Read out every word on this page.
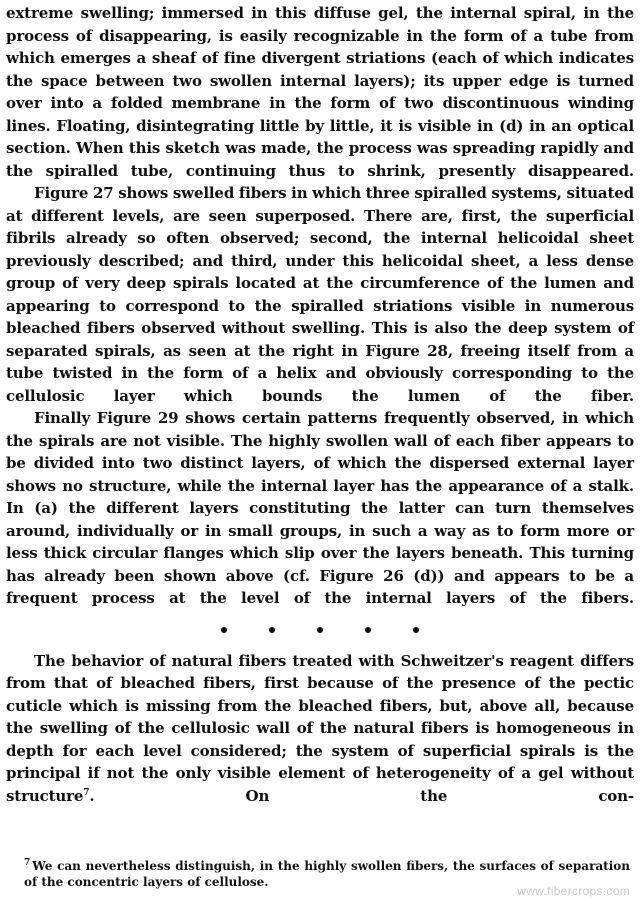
extreme swelling; immersed in this diffuse gel, the internal spiral, in the process of disappearing, is easily recognizable in the form of a tube from which emerges a sheaf of fine divergent striations (each of which indicates the space between two swollen internal layers); its upper edge is turned over into a folded membrane in the form of two discontinuous winding lines. Floating, disintegrating little by little, it is visible in (d) in an optical section. When this sketch was made, the process was spreading rapidly and the spiralled tube, continuing thus to shrink, presently disappeared.

Figure 27 shows swelled fibers in which three spiralled systems, situated at different levels, are seen superposed. There are, first, the superficial fibrils already so often observed; second, the internal helicoidal sheet previously described; and third, under this helicoidal sheet, a less dense group of very deep spirals located at the circumference of the lumen and appearing to correspond to the spiralled striations visible in numerous bleached fibers observed without swelling. This is also the deep system of separated spirals, as seen at the right in Figure 28, freeing itself from a tube twisted in the form of a helix and obviously corresponding to the cellulosic layer which bounds the lumen of the fiber.

Finally Figure 29 shows certain patterns frequently observed, in which the spirals are not visible. The highly swollen wall of each fiber appears to be divided into two distinct layers, of which the dispersed external layer shows no structure, while the internal layer has the appearance of a stalk. In (a) the different layers constituting the latter can turn themselves around, individually or in small groups, in such a way as to form more or less thick circular flanges which slip over the layers beneath. This turning has already been shown above (cf. Figure 26 (d)) and appears to be a frequent process at the level of the internal layers of the fibers.

The behavior of natural fibers treated with Schweitzer's reagent differs from that of bleached fibers, first because of the presence of the pectic cuticle which is missing from the bleached fibers, but, above all, because the swelling of the cellulosic wall of the natural fibers is homogeneous in depth for each level considered; the system of superficial spirals is the principal if not the only visible element of heterogeneity of a gel without structure$^7$. On the con-

$^7$ We can nevertheless distinguish, in the highly swollen fibers, the surfaces of separation of the concentric layers of cellulose.
www.fibercrops.com
